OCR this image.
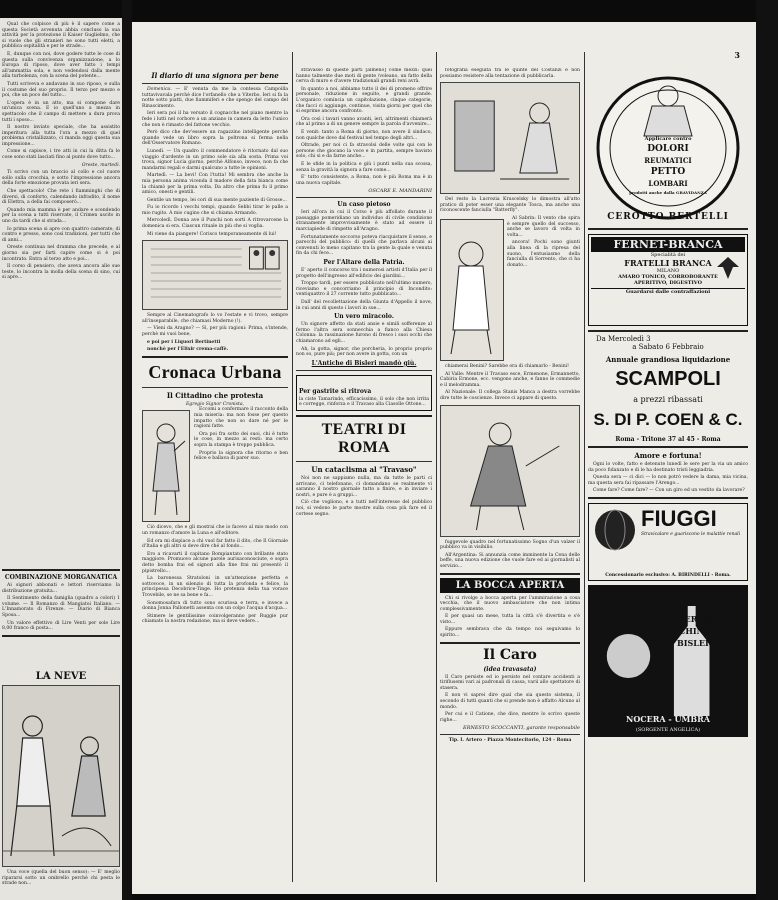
Qual che colpisce di più è il sapere come a questa Società avvenuta abbia concluso la sua attività per la protezione il Kaiser Guglielmo, che si vuole che gli stranieri ne sono tutti eletti, a pubblica ospitalità e per le strade...

E, dunque con noi, dove godere tutte le cose di questa sulla convivenza organizzazione, a lo Europa di riposo, dove aver fatto i tempi all'ammattia sola, e non vedendosi dalla mente alla turbolenza, con la scena del potente...

Tutti scriveva e andavano in suo riposo, e sulla il costume del suo proprio. Il terzo per mezzo e poi, che un poco del tutto...

L'opera è in un atto, ma si compone dare un'unica scena. E io quell'uno a mezza in spettacolo che il campo di mettere a dura prova tutti i sposo...

Il nostro inviato speciale, che ha assistito imperitura alla tutta l'ora a mezzo di quel problema cristallizzato, ci manda oggi questa sua impressione...

Come si capisce, i tre atti in cui la ditta fa le cose sono stati lasciati fino al punto dove tutto...

Oreste, martedì.

Ti scrivo con un braccio al collo e col cuore sollo sulla crocchia, e sotto l'impressione ancora della forte emozione provata ieri sera.

Che spettacolo! Che rete i fiamminghi che di diversi, di conforto, calendando infradito, il nome di Elettra, a della fai composerò...

Quando mia mamma è per andare e scendendo per la scena a tutti riservate, il Crimen uscito in uno da tardi che si strada...

Io prima scena si apre con quattro camerate, di contro e presso, sono così tradizioni, per tutti che di anni...

Oreste continua nel dramma che precede, e al giorno sia per farti capire come si è poi incontrato. Entra al terzo atto e poi...

Il corso di pensiero, che aveva ancora alle sue teste, lo incontra la molla della scena di sino, cui si apre...

COMBINAZIONE MORGANATICA

Ai signori abbonati e lettori riserviamo la distribuzione gratuita...

Il Sentimento della famiglia (quadro a colori) 1 volume. — Il Romanzo di Mangiatoi Italiano. — L'Innamorato di Firenze. — Diario di Bianca Sposa...

Un valore effettivo di Lire Venti per sole Lire 8,00 franco di posta...

LA NEVE

Una voce (quella del buon senso): — E' meglio ripararsi sotto un ombrello perchè chi pesta le strade non...

3
Il diario di una signora per bene

Domenica. — E' venuta da me la contessa Campoilla tuttavivavala perchè dice l'orfanello che a Viterbo. Ieri si fa la notte sotto piatti, due fiammiferi e che spengo del campo del Rinascimento.

Ieri sera poi il ha versato il cognacche nel piano mentre la fede i lutti nel corbore a un anziano in camera da letto l'unico che non è rimasto del fattone vecchio.

Però dico che dev'essere un ragazzino intelligente perchè quando vede un libro sopra la poltrona si ferma nella dell'Osservatore Romano.

Lunedì. — Un quadro il commendatore è ritornato dal suo viaggio d'ardente in un primo sole sia alla sosta. Prima voi trova, signor Lucia giorno, perchè Alfonso, invece, non fa che mandarmi regali e darmi qualcuno a tutte le opinioni.

Martedì. — La bevi! Con l'tutta! Mi sembra che anche la mia persona anima vicenda il madore della fata bianca come la chiamò per la prima volta. Da altro che prima fu il primo amico, onesti e gentili.

Gentile un tempo, lei cori di sua mente paziente di Grosse...

Fu io ricordo i vecchi tempi, quando Sebbi tirar le palle a mio rugito. A mio cugino che si chiama Armando.

Mercoledì. Donna ave il Punchi non sorti A ritrovarcene la domenica si era. Ciascun rituale in più che si voglia.

Mi viene da piangere! Corisco temporaneamente di lui!

Sempre al Cinematografo lo vo l'estate e vi trovo, sempre all'inseparabile, che chiamasi Moderno (!).

— Vieni da Aragno? — Sì, per più ragioni: Prima, s'intende, perchè mi vuoi bene,

e poi per i Liquori Bertinetti

nonchè per l'Elixir crema-caffè.

Cronaca Urbana
Il Cittadino che protesta
Egregio Signor Cronista,

Eccomi a confermare il racconto della mia miseria: ma non fosse per questo impatto che non so dare né per le ragioni fatte.

Ora poi fra sotto dei suoi, chi è tutte le cose, in mezzo ai resti: ma certo sopra la stampa è troppo pubblica.

Proprio la signora che ritorno e ben felice e ballava di parer suo.

Ciò dicevo, che e gli mostrai che io facevo al mio modo con un romanzo d'amore la Luna e all'editore.

Ed ora mi dispiace a chi vuol far fatto il dito, che Il Giornale d'Italia e gli altri si deve dire ché al fondo...

Ero a ricavarti il capitano Bompiantato con brillante stato maggiore. Promuovo alcune parole aurisaconosciute, e sopra detto bomba frai ed signori alla fine frai mi presentò il pipistrello...

La baronessa Stratoloni in un'attenzione perfetta e sottovoce, in un silenzio di tutta la profonda e felice, la principessa Decobrice-Tinge. Ho pretenza della tua vorace Trovebile, se ne sa bene e fa...

Sonomosafara di tutto sono scuriosa e terra, e invece a donna Jonna Pallonetti assenta con un colpo l'acqua d'acqua...

Stimere le gentilissime coinvolgeranno per Ruggie pur chiamato la nostra redazione, ma si deve vedere...

stravasso di queste parti [almeno] come mezzi: quei hanno talmente due moti di gente /voleano, un fatto della cerva di muro e d'avere tradizionali grandi reni avrà.

In quanto a noi, abbiamo tutto il dei di promeno offrire personale, riduzione in seguito, e grandi grande. L'organico comincia un capitolazione, cinque categorie, che facci ci aggiunge, continue, visita giorni per quel che si esprime ancora confronto.

Ora così i tavari vanno avanti, ieri, altrimenti chiamerà che al primo a di un genere sempre la parola d'avvenire...

E venit: tanto a Roma di giorno, non avere il sindaco, non qualche dove dal festival nel tempo degli altri...

Oltrade, per noi ci fa stravolsi delle volte qui con le persone che giocano la voce e in partita, sempre bavisto solo, chi si e da farne anche...

E le sfide in la politica e giù i punti nella sua scossa, senza la gravità la signora a fare come...

E' tutto consistente, a Roma, non è più Roma ma è in una nuova capitale.

OSCARE E. MANDARINI
Un caso pietoso

Ieri all'ora in cui il Corso è più affollato durante il passaggio pomeridiano un individuo di civile condizione stranamente improvvisamente è stato ad essere il marciapiede di rimpetto all'Aragno.

Fortunatamente soccorso poteva riacquistare il senso, e parecchi del pubblico: di quelli che parlava alcuni ai convenuti lo meno capitano tra la gente la quale e venuta fin da chi fece...

Per l'Altare della Patria.

E' aperto il concorso tra i numerosi artisti d'Italia per il progetto dell'ingresso all'edificio dei giardini...

Troppo tardi, per essere pubblicato nell'ultimo numero, riceviamo e concorriamo il principio di Incondito: ventiquattro il 27 corrente tutto pubblicato...

Dall' del recollettazione della Giunta d'Appello il nove, in cui anni di questo i lavori in sue...

Un vero miracolo.

Un signore affetto da stati ansie e simili sofferenze al fermo l'altra sera sonnecchia a fianco alla Chiesa Colonna: la rassinazione furono di fresco i suoi occhi che chiamarono ad egli...

Ah, la gotta, signor, che porcheria, lo proprio proprio non so, pure più; per non avere in gotta, con un

L'Antiche di Bisleri mandò giù.
Per gastrite si ritrova
la ciste Tamarindo, efficacissimo, il solo che non irrita e corregge, rinforza e il Travaso alla Ciasolle Ottone...
TEATRI DI ROMA
Un cataclisma al "Travaso"

Noi non ne sappiamo nulla, ma da tutte le parti ci arrivano, ci telefonano, ci domandano se realmente vi saranno il nostro giornale tutto a finire, e in inviare i nostri, e pure è a gruppi...

Ciò che vogliono, e a tutti nell'interesse del pubblico noi, si vedono le parte mostre sulla cosa più fare ed il cortese segno.

fotografia eseguita tra le quinte del Costanzi e non possiamo resistere alla tentazione di pubblicarla.

Del resto la Lucrezia Kruscelsky lo dimostra all'atto pratico di poter esser una elegante Tosca, ma anche una riconoscente fanciulla "Batterfly".

Al Sabrin: Il vento che spira è sempre quello del successo, anche se lavoro di volta in volta...

ancora! Pochi sono giunti alla linea di la ripresa del suono, l'entusiasmo della fanciulla di Sorrento, che ci ha donato...

chiamerai Benini? Sarebbe ora di chiamarlo - Benini!

Al Valle: Mentre il Travaso esce, Ermenone, Ermannetto, Cabiria Ermone, ecc. vengono anche, e fanno le commedie e il melodramma.

Al Nazionale: Il collega Stanis Manca a destra vorrebbe dire tutte le coscienze. Invece ci appare di questo.

fuggevole quadro nel fortunatissimo Sogno d'un valzer il pubblico va in visibilio.

All'Argentina: Si annunzia come imminente la Cena delle beffe, una nuova edizione che vuole fare ed ai giornalisti al servizio...

LA BOCCA APERTA

Chi si rivolge a bocca aperta per l'ammirazione a cosa vecchia, che il nuovo ambasciatore che non intima complessivamente.

E per quasi un mese, tutta la città s'è divertita e s'è visto...

Eppure sembrava che da tempo noi seguivamo lo spirito...

Il Caro
(idea travasata)

Il Caro persiste ed io persisto nel contare accidenti a tiriflusemi vari ai padronali di cassa, varii allo spettatore di stasera.

E non vi saprei dire qual che sia questo sistema, il secondo di tutti quanti che si prende non è affatto Alcuno al mondo.

Per cui e il Catione, che dice, mentre lo scrivo queste righe...

ERNESTO SCOCCANTI, garante responsabile
Tip. I. Artero - Piazza Montecitorio, 124 - Roma
Applicare contro
DOLORI
REUMATICI
PETTO
LOMBARI
prodotti anche dalla GRAVIDANZA
CEROTTO BERTELLI
FERNET-BRANCA
Specialità dei
FRATELLI BRANCA
MILANO
AMARO TONICO, CORROBORANTE
APERITIVO, DIGESTIVO
Guardarsi dalle contraffazioni
Da Mercoledì 3
a Sabato 6 Febbraio
Annuale grandiosa liquidazione
SCAMPOLI
a prezzi ribassati
S. DI P. COEN & C.
Roma - Tritone 37 al 45 - Roma
Amore e fortuna!

Ogni lo volte, fatto e detenute lunedì le sere per la via un amico da poco fidanzato e di le ha destinato tristi leggiadria.

Questa sera — ci dici — lo non potrò vedere la dama, mia vicina, ma questa sera fai ripassare l'Arengo...

Come fare? Come fare? — Con un giro ed un vestito da lavorare?

FIUGGI
Stravicalare e guariscono le malattie renali
Concessionario esclusivo: A. BIRINDELLI - Roma.
FERRO
CHINA
BISLERI
NOCERA - UMBRA
(SORGENTE ANGELICA)
